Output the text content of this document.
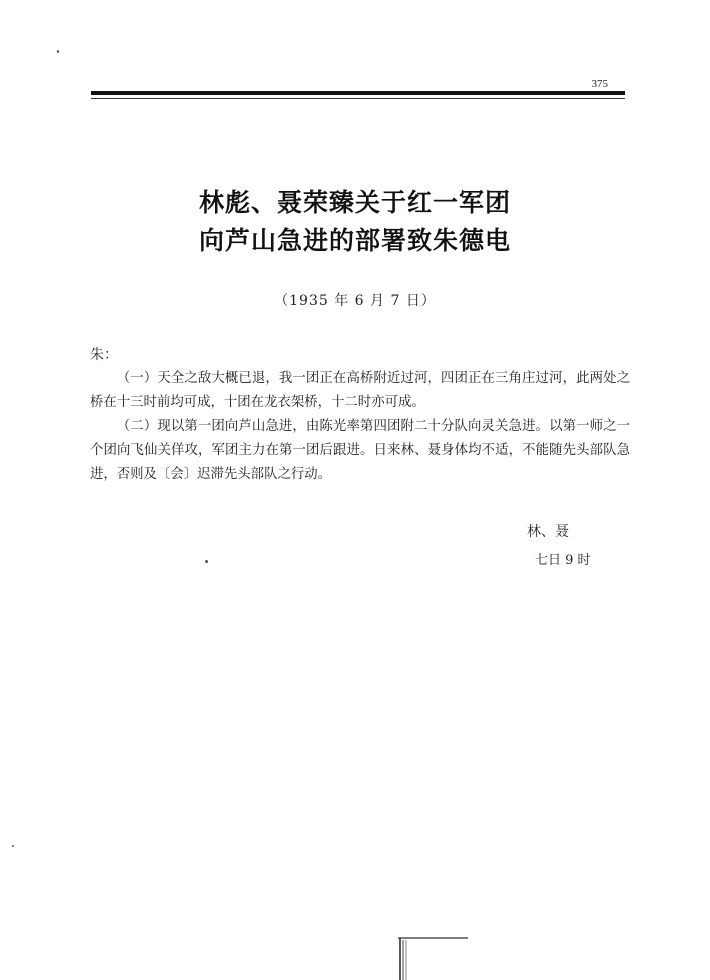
375
林彪、聂荣臻关于红一军团
向芦山急进的部署致朱德电
（1935 年 6 月 7 日）
朱：

（一）天全之敌大概已退，我一团正在高桥附近过河，四团正在三角庄过河，此两处之桥在十三时前均可成，十团在龙衣架桥，十二时亦可成。

（二）现以第一团向芦山急进，由陈光率第四团附二十分队向灵关急进。以第一师之一个团向飞仙关佯攻，军团主力在第一团后跟进。日来林、聂身体均不适，不能随先头部队急进，否则及〔会〕迟滞先头部队之行动。

林、聂
七日 9 时
